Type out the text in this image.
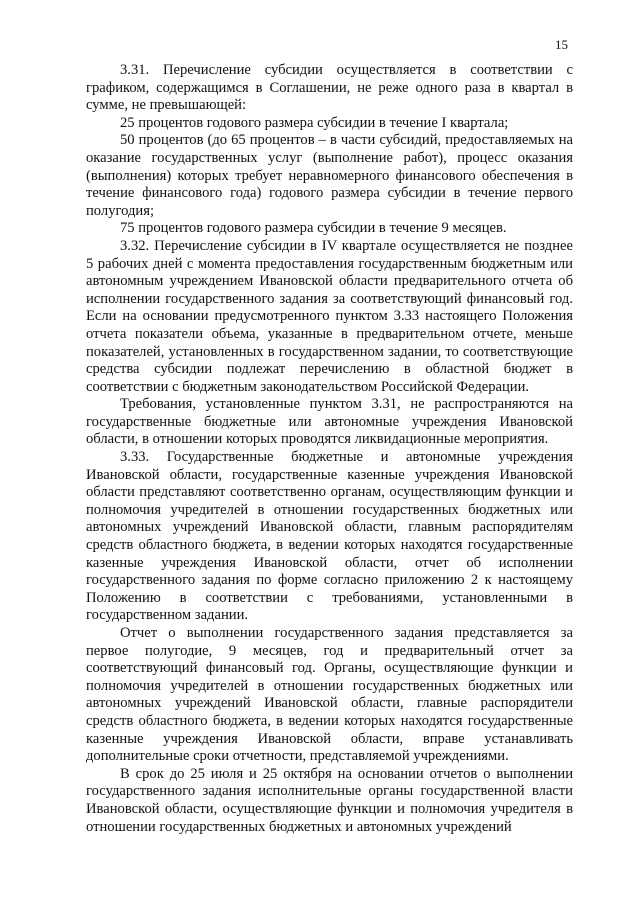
15

3.31. Перечисление субсидии осуществляется в соответствии с графиком, содержащимся в Соглашении, не реже одного раза в квартал в сумме, не превышающей:

25 процентов годового размера субсидии в течение I квартала;

50 процентов (до 65 процентов – в части субсидий, предоставляемых на оказание государственных услуг (выполнение работ), процесс оказания (выполнения) которых требует неравномерного финансового обеспечения в течение финансового года) годового размера субсидии в течение первого полугодия;

75 процентов годового размера субсидии в течение 9 месяцев.

3.32. Перечисление субсидии в IV квартале осуществляется не позднее 5 рабочих дней с момента предоставления государственным бюджетным или автономным учреждением Ивановской области предварительного отчета об исполнении государственного задания за соответствующий финансовый год. Если на основании предусмотренного пунктом 3.33 настоящего Положения отчета показатели объема, указанные в предварительном отчете, меньше показателей, установленных в государственном задании, то соответствующие средства субсидии подлежат перечислению в областной бюджет в соответствии с бюджетным законодательством Российской Федерации.

Требования, установленные пунктом 3.31, не распространяются на государственные бюджетные или автономные учреждения Ивановской области, в отношении которых проводятся ликвидационные мероприятия.

3.33. Государственные бюджетные и автономные учреждения Ивановской области, государственные казенные учреждения Ивановской области представляют соответственно органам, осуществляющим функции и полномочия учредителей в отношении государственных бюджетных или автономных учреждений Ивановской области, главным распорядителям средств областного бюджета, в ведении которых находятся государственные казенные учреждения Ивановской области, отчет об исполнении государственного задания по форме согласно приложению 2 к настоящему Положению в соответствии с требованиями, установленными в государственном задании.

Отчет о выполнении государственного задания представляется за первое полугодие, 9 месяцев, год и предварительный отчет за соответствующий финансовый год. Органы, осуществляющие функции и полномочия учредителей в отношении государственных бюджетных или автономных учреждений Ивановской области, главные распорядители средств областного бюджета, в ведении которых находятся государственные казенные учреждения Ивановской области, вправе устанавливать дополнительные сроки отчетности, представляемой учреждениями.

В срок до 25 июля и 25 октября на основании отчетов о выполнении государственного задания исполнительные органы государственной власти Ивановской области, осуществляющие функции и полномочия учредителя в отношении государственных бюджетных и автономных учреждений
